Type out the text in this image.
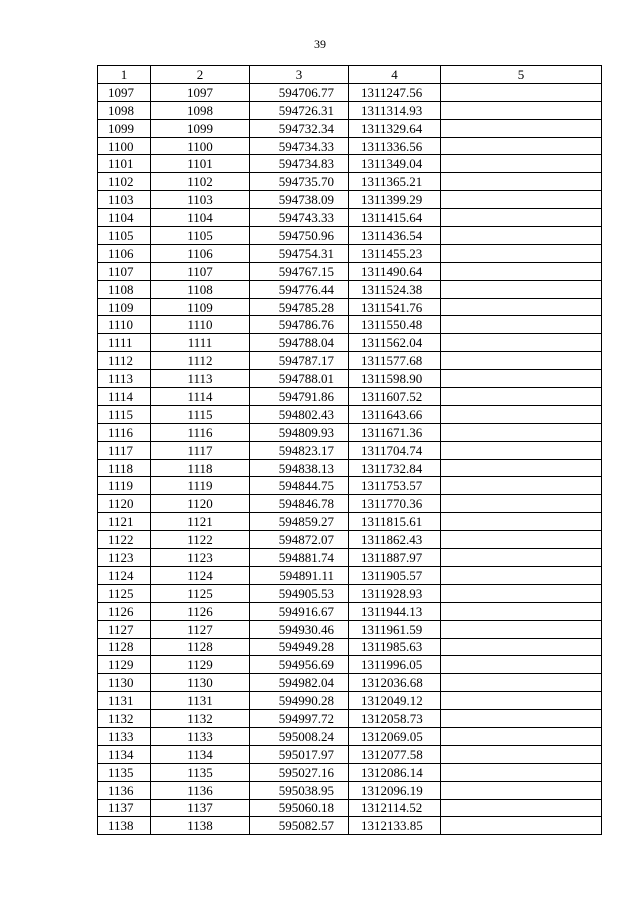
39
1	2	3	4	5
1097	1097	594706.77	1311247.56	
1098	1098	594726.31	1311314.93	
1099	1099	594732.34	1311329.64	
1100	1100	594734.33	1311336.56	
1101	1101	594734.83	1311349.04	
1102	1102	594735.70	1311365.21	
1103	1103	594738.09	1311399.29	
1104	1104	594743.33	1311415.64	
1105	1105	594750.96	1311436.54	
1106	1106	594754.31	1311455.23	
1107	1107	594767.15	1311490.64	
1108	1108	594776.44	1311524.38	
1109	1109	594785.28	1311541.76	
1110	1110	594786.76	1311550.48	
1111	1111	594788.04	1311562.04	
1112	1112	594787.17	1311577.68	
1113	1113	594788.01	1311598.90	
1114	1114	594791.86	1311607.52	
1115	1115	594802.43	1311643.66	
1116	1116	594809.93	1311671.36	
1117	1117	594823.17	1311704.74	
1118	1118	594838.13	1311732.84	
1119	1119	594844.75	1311753.57	
1120	1120	594846.78	1311770.36	
1121	1121	594859.27	1311815.61	
1122	1122	594872.07	1311862.43	
1123	1123	594881.74	1311887.97	
1124	1124	594891.11	1311905.57	
1125	1125	594905.53	1311928.93	
1126	1126	594916.67	1311944.13	
1127	1127	594930.46	1311961.59	
1128	1128	594949.28	1311985.63	
1129	1129	594956.69	1311996.05	
1130	1130	594982.04	1312036.68	
1131	1131	594990.28	1312049.12	
1132	1132	594997.72	1312058.73	
1133	1133	595008.24	1312069.05	
1134	1134	595017.97	1312077.58	
1135	1135	595027.16	1312086.14	
1136	1136	595038.95	1312096.19	
1137	1137	595060.18	1312114.52	
1138	1138	595082.57	1312133.85	
